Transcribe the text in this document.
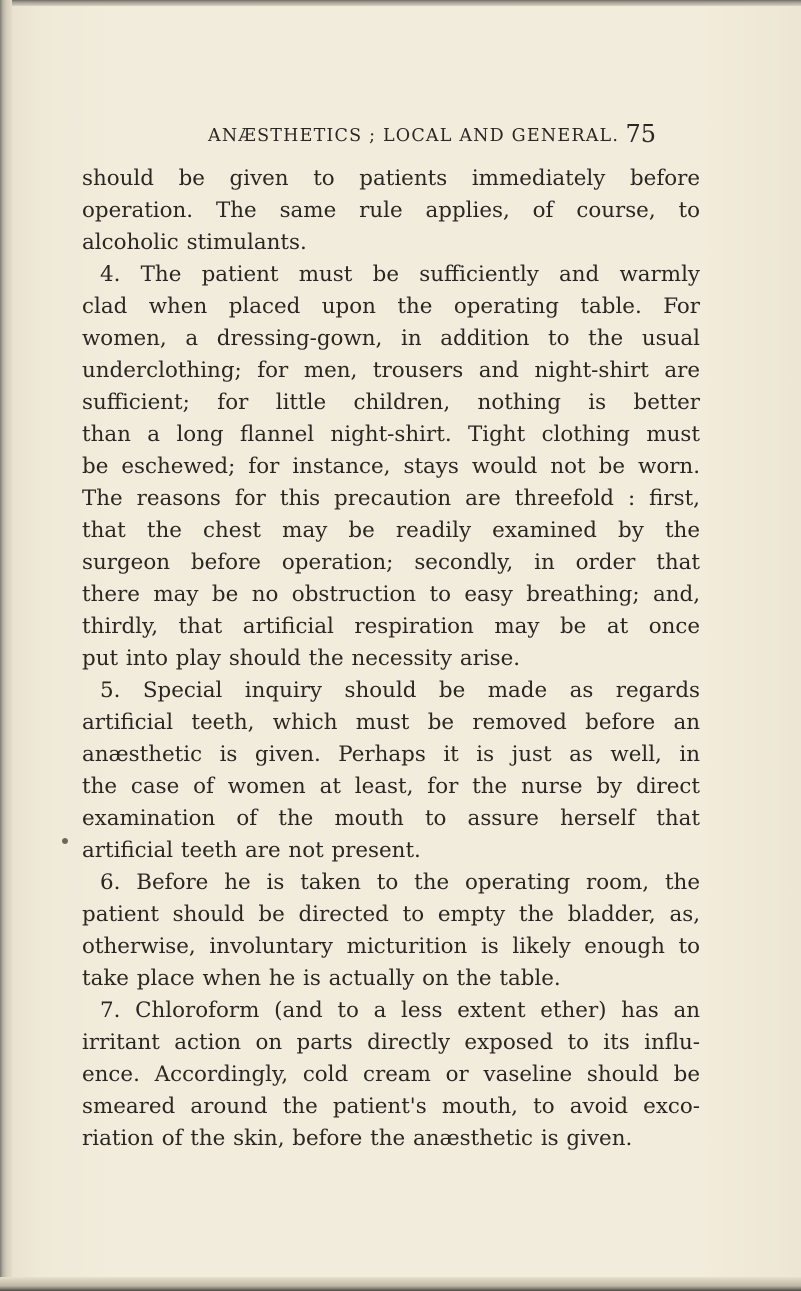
ANÆSTHETICS ; LOCAL AND GENERAL. 75
should be given to patients immediately before
operation. The same rule applies, of course, to
alcoholic stimulants.
4. The patient must be sufficiently and warmly
clad when placed upon the operating table. For
women, a dressing-gown, in addition to the usual
underclothing; for men, trousers and night-shirt are
sufficient; for little children, nothing is better
than a long flannel night-shirt. Tight clothing must
be eschewed; for instance, stays would not be worn.
The reasons for this precaution are threefold : first,
that the chest may be readily examined by the
surgeon before operation; secondly, in order that
there may be no obstruction to easy breathing; and,
thirdly, that artificial respiration may be at once
put into play should the necessity arise.
5. Special inquiry should be made as regards
artificial teeth, which must be removed before an
anæsthetic is given. Perhaps it is just as well, in
the case of women at least, for the nurse by direct
examination of the mouth to assure herself that
artificial teeth are not present.
6. Before he is taken to the operating room, the
patient should be directed to empty the bladder, as,
otherwise, involuntary micturition is likely enough to
take place when he is actually on the table.
7. Chloroform (and to a less extent ether) has an
irritant action on parts directly exposed to its influ-
ence. Accordingly, cold cream or vaseline should be
smeared around the patient's mouth, to avoid exco-
riation of the skin, before the anæsthetic is given.
